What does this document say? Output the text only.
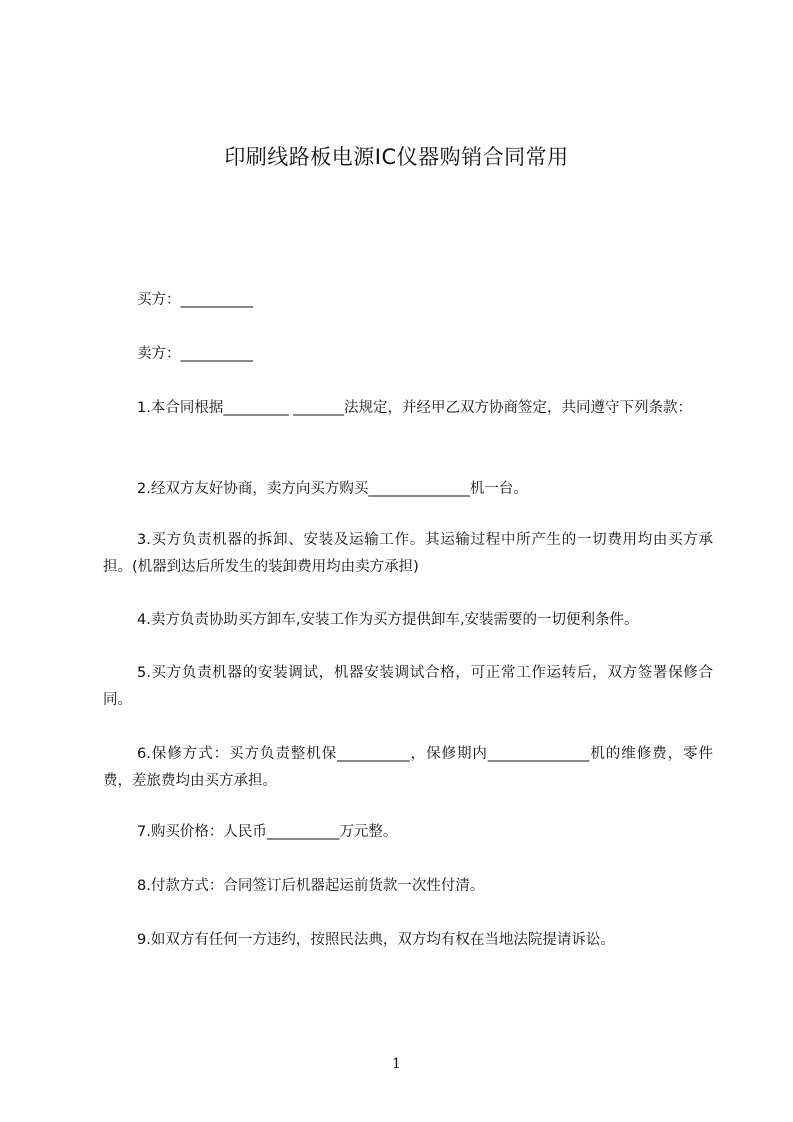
印刷线路板电源IC仪器购销合同常用

买方：__________

卖方：__________

1.本合同根据_________ _______法规定，并经甲乙双方协商签定，共同遵守下列条款：

2.经双方友好协商，卖方向买方购买______________机一台。

3.买方负责机器的拆卸、安装及运输工作。其运输过程中所产生的一切费用均由买方承担。(机器到达后所发生的装卸费用均由卖方承担)

4.卖方负责协助买方卸车,安装工作为买方提供卸车,安装需要的一切便利条件。

5.买方负责机器的安装调试，机器安装调试合格，可正常工作运转后，双方签署保修合同。

6.保修方式：买方负责整机保__________，保修期内______________机的维修费，零件费，差旅费均由买方承担。

7.购买价格：人民币__________万元整。

8.付款方式：合同签订后机器起运前货款一次性付清。

9.如双方有任何一方违约，按照民法典，双方均有权在当地法院提请诉讼。

1
